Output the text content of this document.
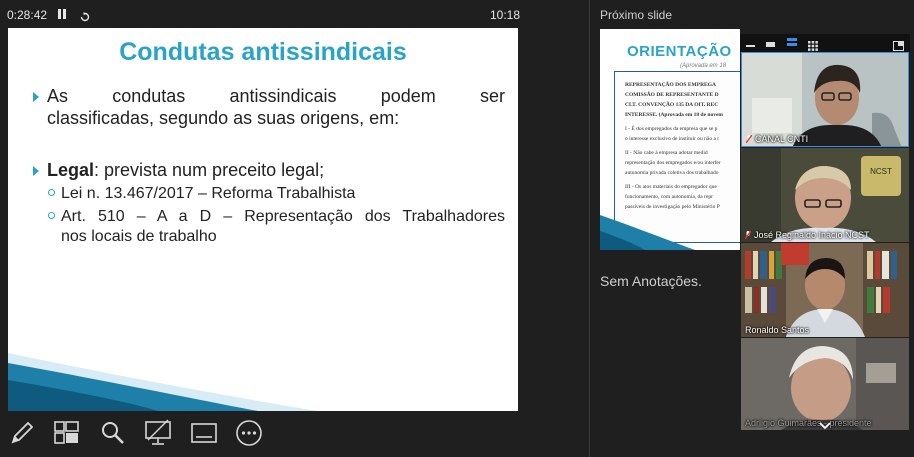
0:28:42	10:18	Próximo slide
Condutas antissindicais
As condutas antissindicais podem ser
classificadas, segundo as suas origens, em:
Legal: prevista num preceito legal;
Lei n. 13.467/2017 – Reforma Trabalhista
Art. 510 – A a D – Representação dos Trabalhadores
nos locais de trabalho
ORIENTAÇÃO
(Aprovada em 18
REPRESENTAÇÃO DOS EMPREGA
COMISSÃO DE REPRESENTANTE D
CLT. CONVENÇÃO 135 DA OIT. REC
INTERESSE. (Aprovada em 18 de novem
I - É dos empregados da empresa que se p
o interesse exclusivo de instituir ou não a r
II - Não cabe à empresa adotar medid
representação dos empregados e/ou interfer
autonomia privada coletiva dos trabalhado
III - Os atos materiais do empregador que
funcionamento, com autonomia, da repr
passíveis de investigação pelo Ministério P
Sem Anotações.
CANAL CNTI
NCST
José Reginaldo Inácio NCST
Ronaldo Santos
Adrligio Guimarães - presidente
